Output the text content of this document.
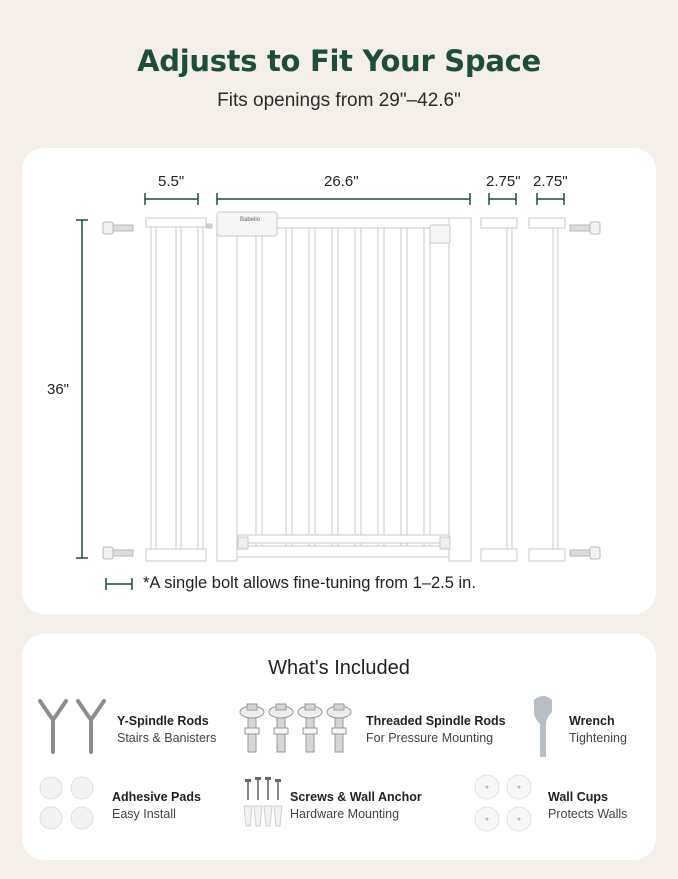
Adjusts to Fit Your Space
Fits openings from 29"–42.6"
5.5"	26.6"	2.75" 2.75"
36"
Babelio
*A single bolt allows fine-tuning from 1–2.5 in.
What's Included
Y-Spindle Rods
Stairs & Banisters
Threaded Spindle Rods
For Pressure Mounting
Wrench
Tightening
Adhesive Pads
Easy Install
Screws & Wall Anchor
Hardware Mounting
Wall Cups
Protects Walls
